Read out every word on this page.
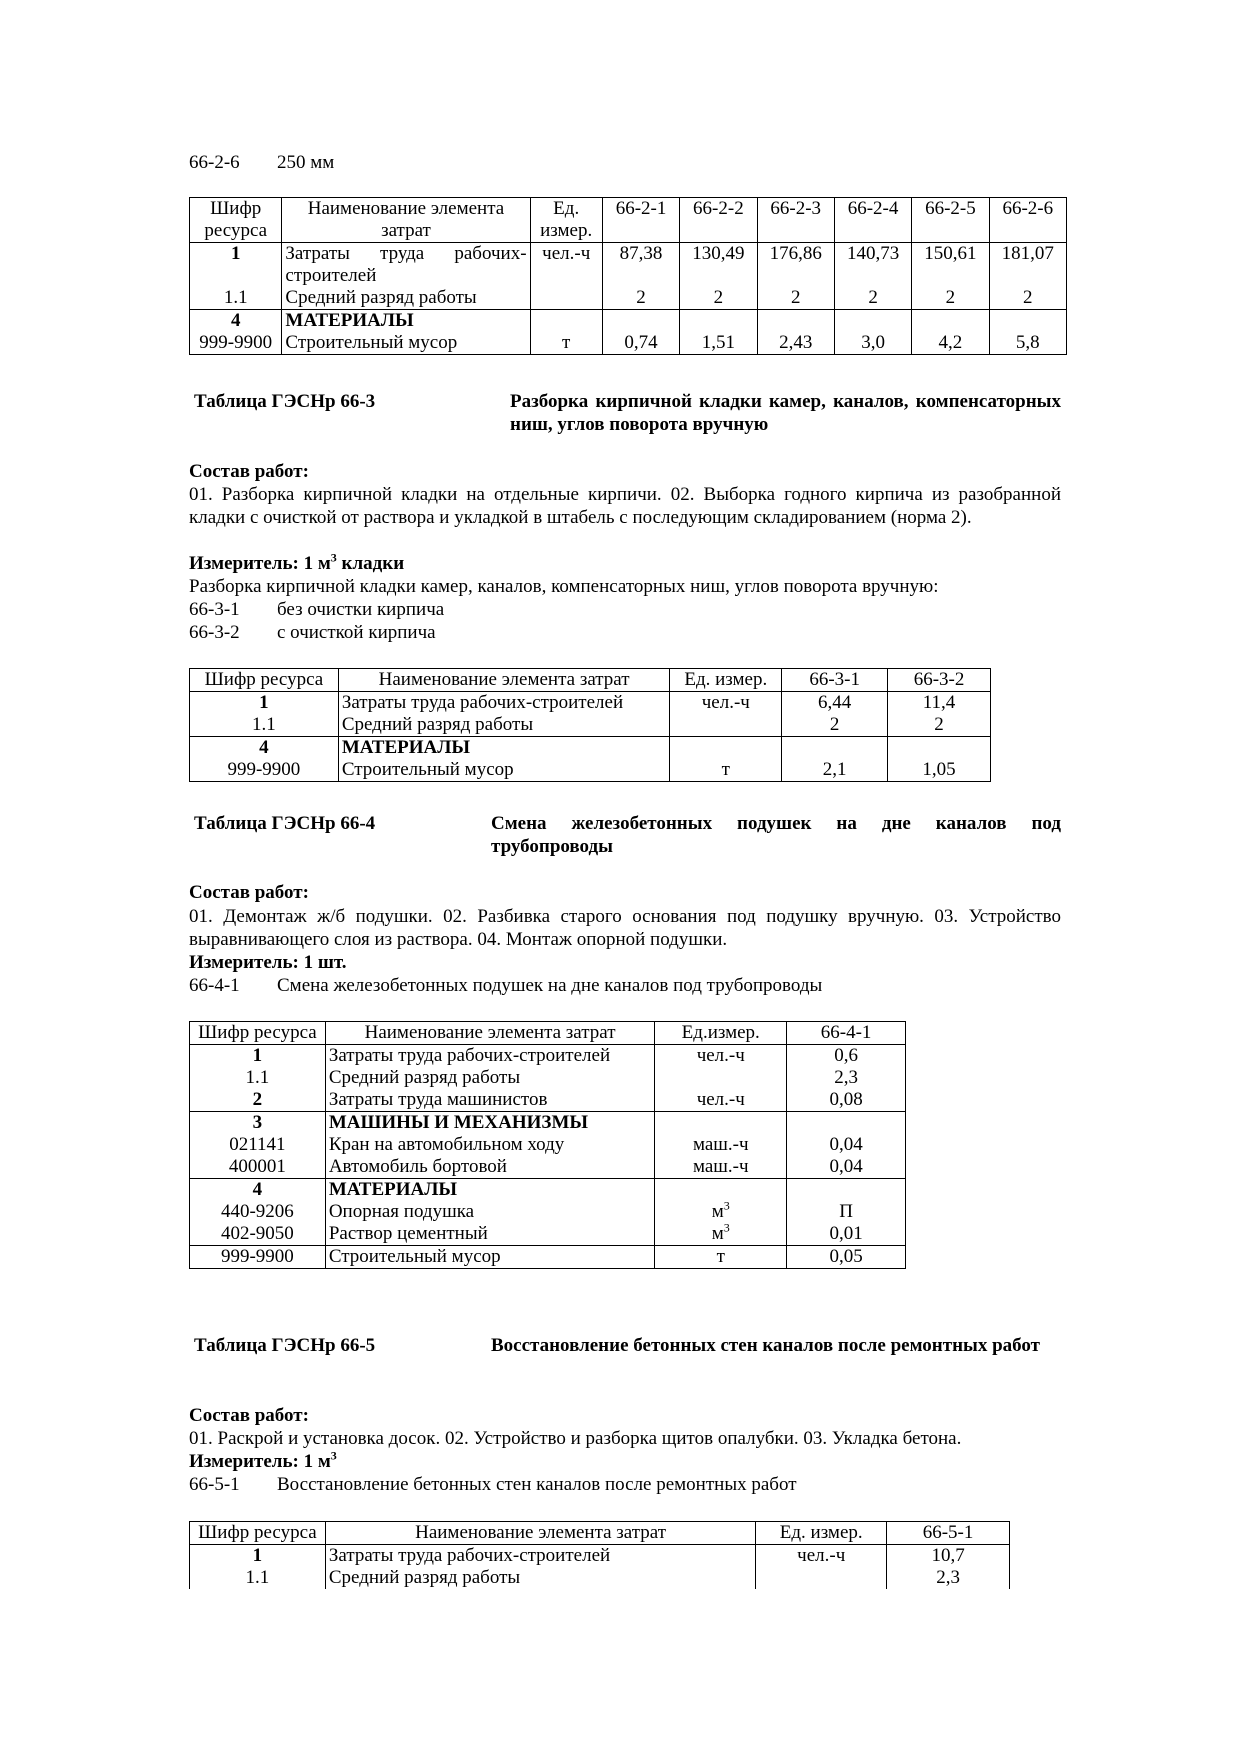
66-2-6 250 мм
Шифр ресурса	Наименование элемента затрат	Ед. измер.	66-2-1	66-2-2	66-2-3	66-2-4	66-2-5	66-2-6
1	Затраты труда рабочих-строителей	чел.-ч	87,38	130,49	176,86	140,73	150,61	181,07
1.1	Средний разряд работы		2	2	2	2	2	2
4	МАТЕРИАЛЫ							
999-9900	Строительный мусор	т	0,74	1,51	2,43	3,0	4,2	5,8
Таблица ГЭСНр 66-3	Разборка кирпичной кладки камер, каналов, компенсаторных ниш, углов поворота вручную
Состав работ:
01. Разборка кирпичной кладки на отдельные кирпичи. 02. Выборка годного кирпича из разобранной кладки с очисткой от раствора и укладкой в штабель с последующим складированием (норма 2).
Измеритель: 1 $м^3$ кладки
Разборка кирпичной кладки камер, каналов, компенсаторных ниш, углов поворота вручную:
66-3-1 без очистки кирпича
66-3-2 с очисткой кирпича
Шифр ресурса	Наименование элемента затрат	Ед. измер.	66-3-1	66-3-2
1	Затраты труда рабочих-строителей	чел.-ч	6,44	11,4
1.1	Средний разряд работы		2	2
4	МАТЕРИАЛЫ			
999-9900	Строительный мусор	т	2,1	1,05
Таблица ГЭСНр 66-4	Смена железобетонных подушек на дне каналов под трубопроводы
Состав работ:
01. Демонтаж ж/б подушки. 02. Разбивка старого основания под подушку вручную. 03. Устройство выравнивающего слоя из раствора. 04. Монтаж опорной подушки.
Измеритель: 1 шт.
66-4-1 Смена железобетонных подушек на дне каналов под трубопроводы
Шифр ресурса	Наименование элемента затрат	Ед.измер.	66-4-1
1	Затраты труда рабочих-строителей	чел.-ч	0,6
1.1	Средний разряд работы		2,3
2	Затраты труда машинистов	чел.-ч	0,08
3	МАШИНЫ И МЕХАНИЗМЫ		
021141	Кран на автомобильном ходу	маш.-ч	0,04
400001	Автомобиль бортовой	маш.-ч	0,04
4	МАТЕРИАЛЫ		
440-9206	Опорная подушка	$м^3$	П
402-9050	Раствор цементный	$м^3$	0,01
999-9900	Строительный мусор	т	0,05
Таблица ГЭСНр 66-5	Восстановление бетонных стен каналов после ремонтных работ
Состав работ:
01. Раскрой и установка досок. 02. Устройство и разборка щитов опалубки. 03. Укладка бетона.
Измеритель: 1 $м^3$
66-5-1 Восстановление бетонных стен каналов после ремонтных работ
Шифр ресурса	Наименование элемента затрат	Ед. измер.	66-5-1
1	Затраты труда рабочих-строителей	чел.-ч	10,7
1.1	Средний разряд работы		2,3
